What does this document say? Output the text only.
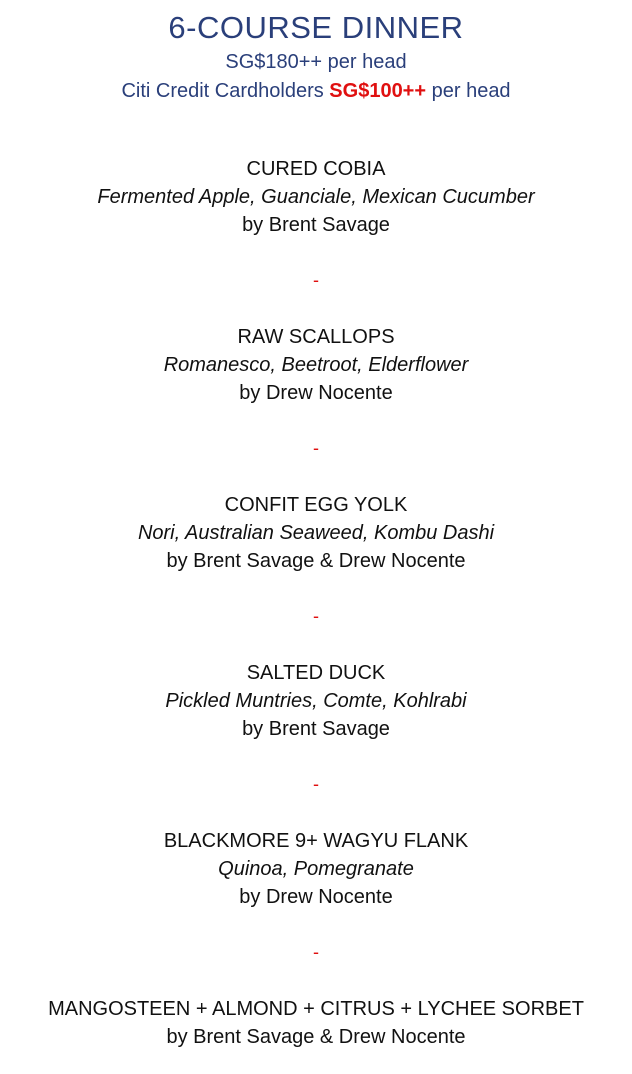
6-COURSE DINNER
SG$180++ per head
Citi Credit Cardholders SG$100++ per head
CURED COBIA
Fermented Apple, Guanciale, Mexican Cucumber
by Brent Savage
-
RAW SCALLOPS
Romanesco, Beetroot, Elderflower
by Drew Nocente
-
CONFIT EGG YOLK
Nori, Australian Seaweed, Kombu Dashi
by Brent Savage & Drew Nocente
-
SALTED DUCK
Pickled Muntries, Comte, Kohlrabi
by Brent Savage
-
BLACKMORE 9+ WAGYU FLANK
Quinoa, Pomegranate
by Drew Nocente
-
MANGOSTEEN + ALMOND + CITRUS + LYCHEE SORBET
by Brent Savage & Drew Nocente
